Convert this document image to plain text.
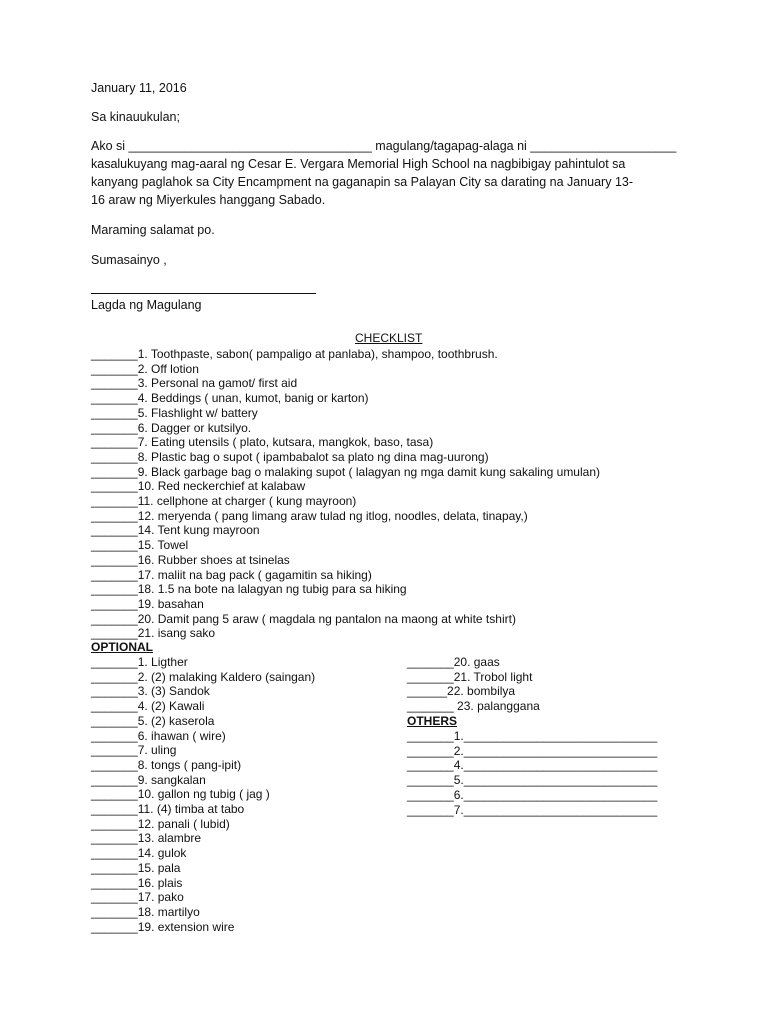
January 11, 2016
Sa kinauukulan;
Ako si ___________________________________ magulang/tagapag-alaga ni _____________________
kasalukuyang mag-aaral ng Cesar E. Vergara Memorial High School na nagbibigay pahintulot sa
kanyang paglahok sa City Encampment na gaganapin sa Palayan City sa darating na January 13-
16 araw ng Miyerkules hanggang Sabado.
Maraming salamat po.
Sumasainyo ,
Lagda ng Magulang
CHECKLIST
_______1. Toothpaste, sabon( pampaligo at panlaba), shampoo, toothbrush.
_______2. Off lotion
_______3. Personal na gamot/ first aid
_______4. Beddings ( unan, kumot, banig or karton)
_______5. Flashlight w/ battery
_______6. Dagger or kutsilyo.
_______7. Eating utensils ( plato, kutsara, mangkok, baso, tasa)
_______8. Plastic bag o supot ( ipambabalot sa plato ng dina mag-uurong)
_______9. Black garbage bag o malaking supot ( lalagyan ng mga damit kung sakaling umulan)
_______10. Red neckerchief at kalabaw
_______11. cellphone at charger ( kung mayroon)
_______12. meryenda ( pang limang araw tulad ng itlog, noodles, delata, tinapay,)
_______14. Tent kung mayroon
_______15. Towel
_______16. Rubber shoes at tsinelas
_______17. maliit na bag pack ( gagamitin sa hiking)
_______18. 1.5 na bote na lalagyan ng tubig para sa hiking
_______19. basahan
_______20. Damit pang 5 araw ( magdala ng pantalon na maong at white tshirt)
_______21. isang sako
OPTIONAL
_______1. Ligther
_______2. (2) malaking Kaldero (saingan)
_______3. (3) Sandok
_______4. (2) Kawali
_______5. (2) kaserola
_______6. ihawan ( wire)
_______7. uling
_______8. tongs ( pang-ipit)
_______9. sangkalan
_______10. gallon ng tubig ( jag )
_______11. (4) timba at tabo
_______12. panali ( lubid)
_______13. alambre
_______14. gulok
_______15. pala
_______16. plais
_______17. pako
_______18. martilyo
_______19. extension wire
_______20. gaas
_______21. Trobol light
______22. bombilya
_______ 23. palanggana
OTHERS
_______1._____________________________
_______2._____________________________
_______4._____________________________
_______5._____________________________
_______6._____________________________
_______7._____________________________
